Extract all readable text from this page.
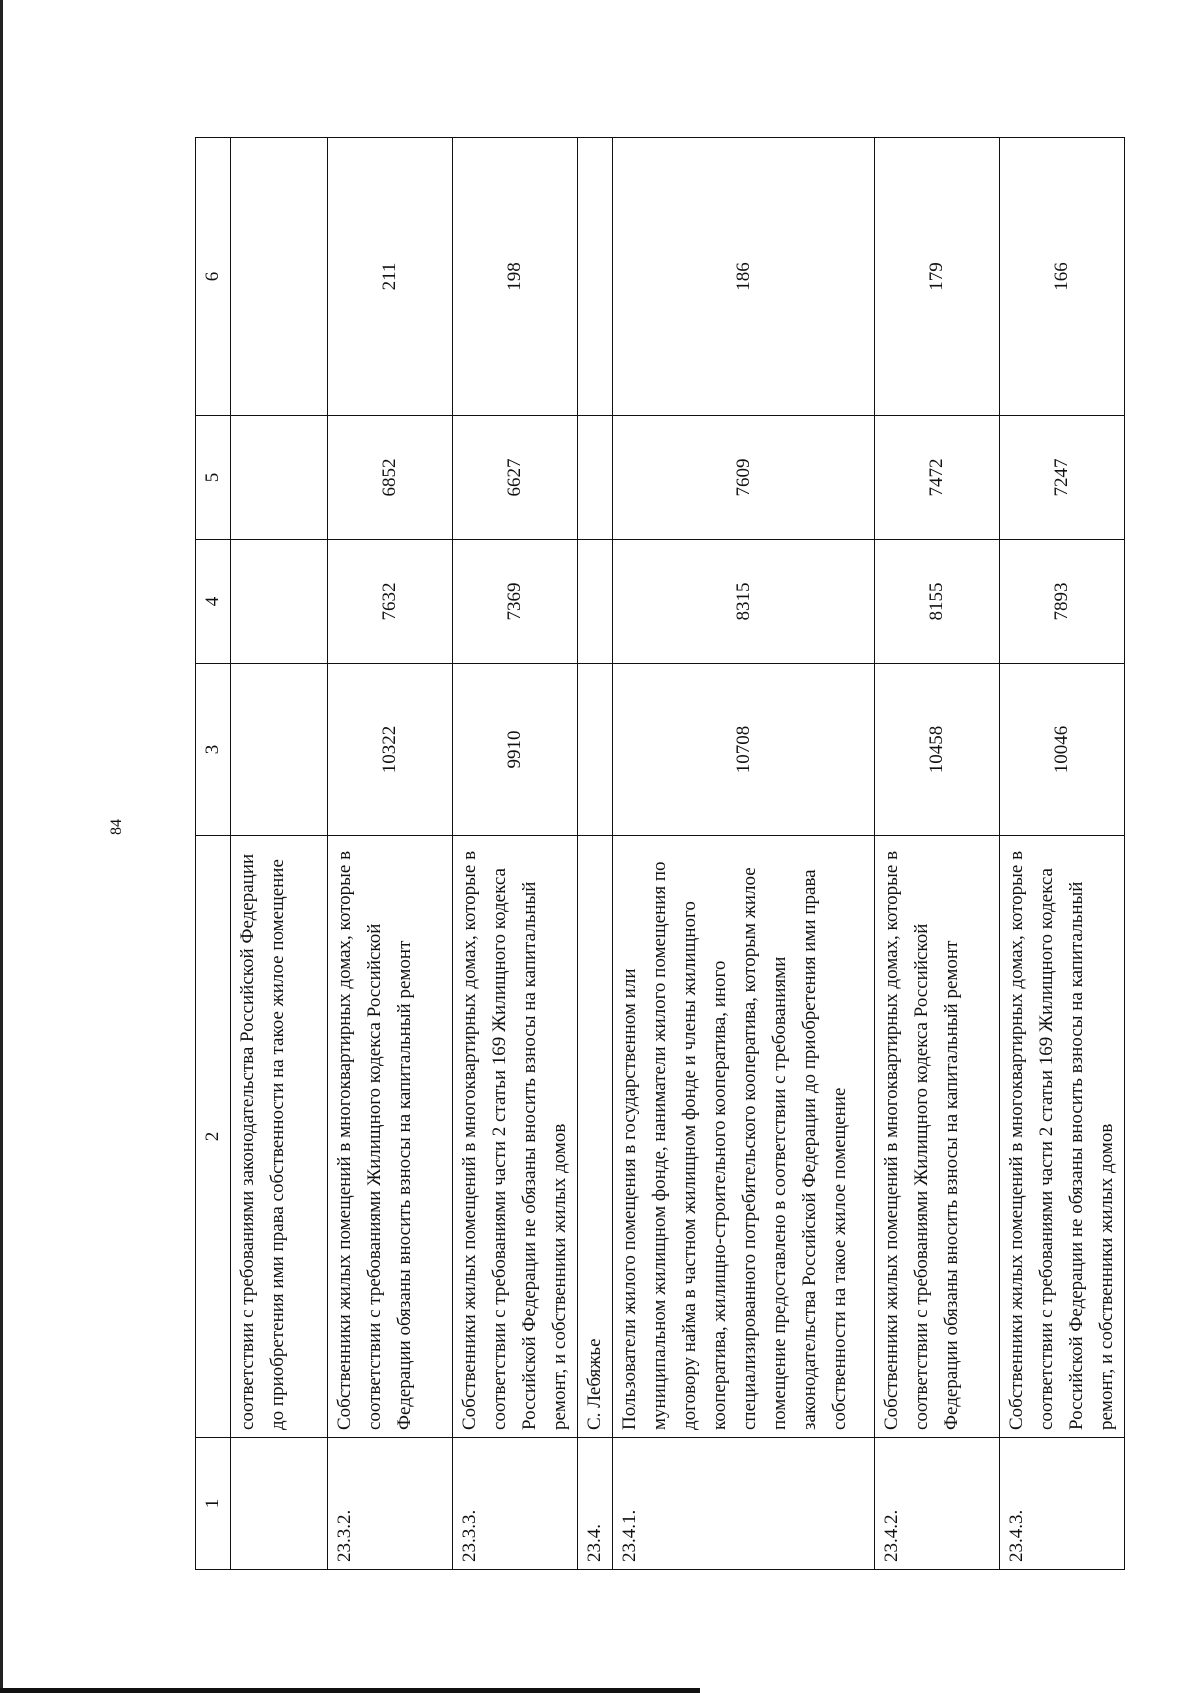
84
1	2	3	4	5	6
	соответствии с требованиями законодательства Российской Федерации до приобретения ими права собственности на такое жилое помещение				
23.3.2.	Собственники жилых помещений в многоквартирных домах, которые в соответствии с требованиями Жилищного кодекса Российской Федерации обязаны вносить взносы на капитальный ремонт	10322	7632	6852	211
23.3.3.	Собственники жилых помещений в многоквартирных домах, которые в соответствии с требованиями части 2 статьи 169 Жилищного кодекса Российской Федерации не обязаны вносить взносы на капитальный ремонт, и собственники жилых домов	9910	7369	6627	198
23.4.	С. Лебяжье				
23.4.1.	Пользователи жилого помещения в государственном или муниципальном жилищном фонде, наниматели жилого помещения по договору найма в частном жилищном фонде и члены жилищного кооператива, жилищно-строительного кооператива, иного специализированного потребительского кооператива, которым жилое помещение предоставлено в соответствии с требованиями законодательства Российской Федерации до приобретения ими права собственности на такое жилое помещение	10708	8315	7609	186
23.4.2.	Собственники жилых помещений в многоквартирных домах, которые в соответствии с требованиями Жилищного кодекса Российской Федерации обязаны вносить взносы на капитальный ремонт	10458	8155	7472	179
23.4.3.	Собственники жилых помещений в многоквартирных домах, которые в соответствии с требованиями части 2 статьи 169 Жилищного кодекса Российской Федерации не обязаны вносить взносы на капитальный ремонт, и собственники жилых домов	10046	7893	7247	166
